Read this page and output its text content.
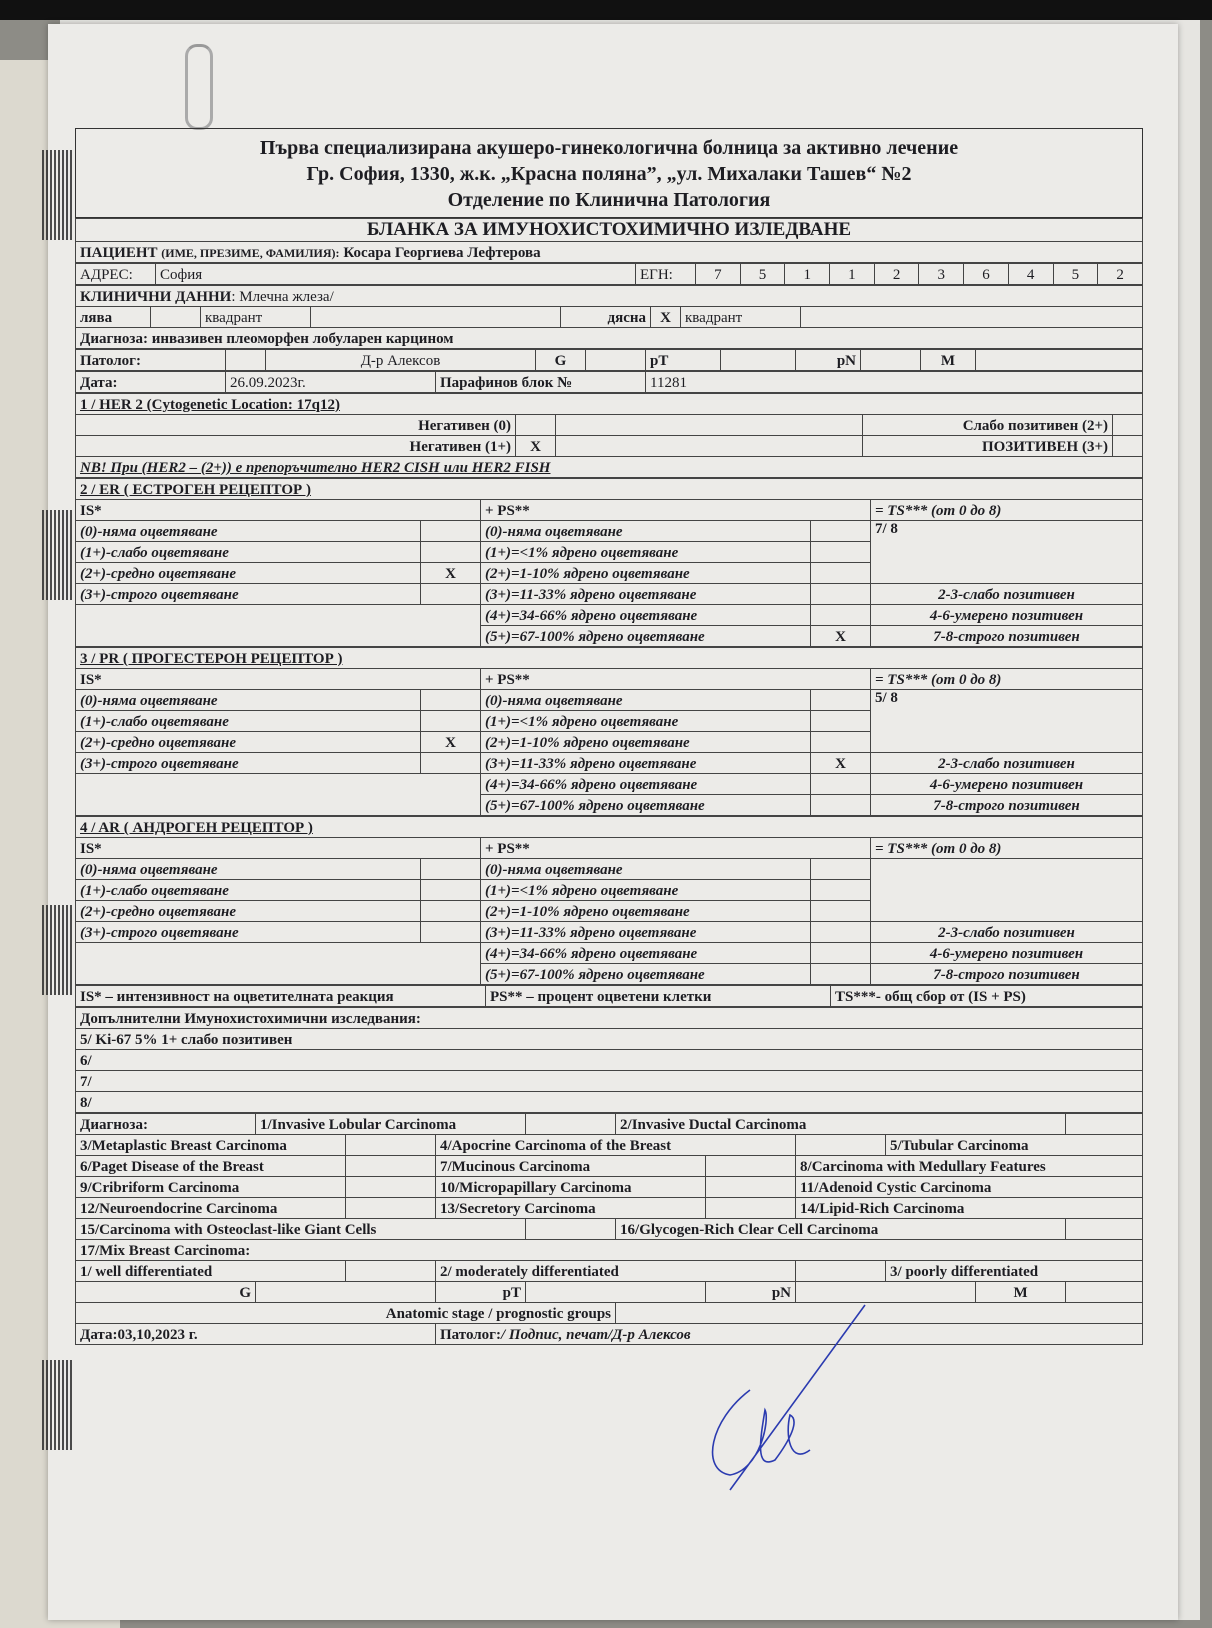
Първа специализирана акушеро-гинекологична болница за активно лечение
Гр. София, 1330, ж.к. „Красна поляна”, „ул. Михалаки Ташев“ №2
Отделение по Клинична Патология
БЛАНКА ЗА ИМУНОХИСТОХИМИЧНО ИЗЛЕДВАНЕ
ПАЦИЕНТ (ИМЕ, ПРЕЗИМЕ, ФАМИЛИЯ): Косара Георгиева Лефтерова
АДРЕС:	София	ЕГН:	7	5	1	1	2	3	6	4	5	2
КЛИНИЧНИ ДАННИ: Млечна жлеза/
лява		квадрант		дясна	X	квадрант	
Диагноза: инвазивен плеоморфен лобуларен карцином
Патолог:		Д-р Алексов	G		pT		pN		M	
Дата:	26.09.2023г.	Парафинов блок №	11281
1 / HER 2 (Cytogenetic Location: 17q12)				
Негативен (0)			Слабо позитивен (2+)	
Негативен (1+)	X		ПОЗИТИВЕН (3+)	
NB! При (HER2 – (2+)) е препоръчително HER2 CISH или HER2 FISH				
2 / ER ( ЕСТРОГЕН РЕЦЕПТОР )				
IS*		+ PS**		= TS*** (от 0 до 8)
(0)-няма оцветяване		(0)-няма оцветяване		7/ 8
(1+)-слабо оцветяване		(1+)=<1% ядрено оцветяване		
(2+)-средно оцветяване	X	(2+)=1-10% ядрено оцветяване		
(3+)-строго оцветяване		(3+)=11-33% ядрено оцветяване		2-3-слабо позитивен
		(4+)=34-66% ядрено оцветяване		4-6-умерено позитивен
		(5+)=67-100% ядрено оцветяване	X	7-8-строго позитивен
3 / PR ( ПРОГЕСТЕРОН РЕЦЕПТОР )				
IS*		+ PS**		= TS*** (от 0 до 8)
(0)-няма оцветяване		(0)-няма оцветяване		5/ 8
(1+)-слабо оцветяване		(1+)=<1% ядрено оцветяване		
(2+)-средно оцветяване	X	(2+)=1-10% ядрено оцветяване		
(3+)-строго оцветяване		(3+)=11-33% ядрено оцветяване	X	2-3-слабо позитивен
		(4+)=34-66% ядрено оцветяване		4-6-умерено позитивен
		(5+)=67-100% ядрено оцветяване		7-8-строго позитивен
4 / AR ( АНДРОГЕН РЕЦЕПТОР )				
IS*		+ PS**		= TS*** (от 0 до 8)
(0)-няма оцветяване		(0)-няма оцветяване		
(1+)-слабо оцветяване		(1+)=<1% ядрено оцветяване		
(2+)-средно оцветяване		(2+)=1-10% ядрено оцветяване		
(3+)-строго оцветяване		(3+)=11-33% ядрено оцветяване		2-3-слабо позитивен
		(4+)=34-66% ядрено оцветяване		4-6-умерено позитивен
		(5+)=67-100% ядрено оцветяване		7-8-строго позитивен
IS* – интензивност на оцветителната реакция	PS** – процент оцветени клетки	TS***- общ сбор от (IS + PS)
Допълнителни Имунохистохимични изследвания:
5/ Ki-67 5% 1+ слабо позитивен
6/
7/
8/
Диагноза:	1/Invasive Lobular Carcinoma				2/Invasive Ductal Carcinoma					
3/Metaplastic Breast Carcinoma			4/Apocrine Carcinoma of the Breast					5/Tubular Carcinoma		
6/Paget Disease of the Breast			7/Mucinous Carcinoma				8/Carcinoma with Medullary Features			
9/Cribriform Carcinoma			10/Micropapillary Carcinoma				11/Adenoid Cystic Carcinoma			
12/Neuroendocrine Carcinoma			13/Secretory Carcinoma				14/Lipid-Rich Carcinoma			
15/Carcinoma with Osteoclast-like Giant Cells					16/Glycogen-Rich Clear Cell Carcinoma					
17/Mix Breast Carcinoma:										
1/ well differentiated			2/ moderately differentiated					3/ poorly differentiated		
G			pT			pN			M	
Anatomic stage / prognostic groups										
Дата:03,10,2023 г.			Патолог:/ Подпис, печат/Д-р Алексов							
